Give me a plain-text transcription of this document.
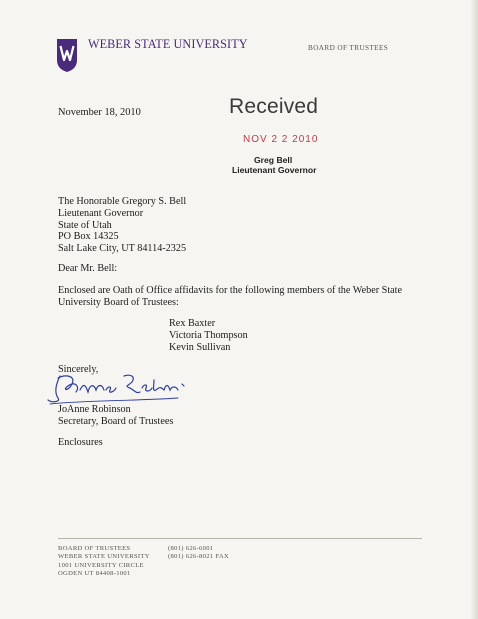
WEBER STATE UNIVERSITY	BOARD OF TRUSTEES
November 18, 2010	Received
NOV 2 2 2010
Greg Bell
Lieutenant Governor
The Honorable Gregory S. Bell
Lieutenant Governor
State of Utah
PO Box 14325
Salt Lake City, UT 84114-2325
Dear Mr. Bell:
Enclosed are Oath of Office affidavits for the following members of the Weber State University Board of Trustees:
Rex Baxter
Victoria Thompson
Kevin Sullivan
Sincerely,
JoAnne Robinson
Secretary, Board of Trustees
Enclosures
BOARD OF TRUSTEES
WEBER STATE UNIVERSITY
1001 UNIVERSITY CIRCLE
OGDEN UT 84408-1001
(801) 626-6001
(801) 626-8021 FAX
